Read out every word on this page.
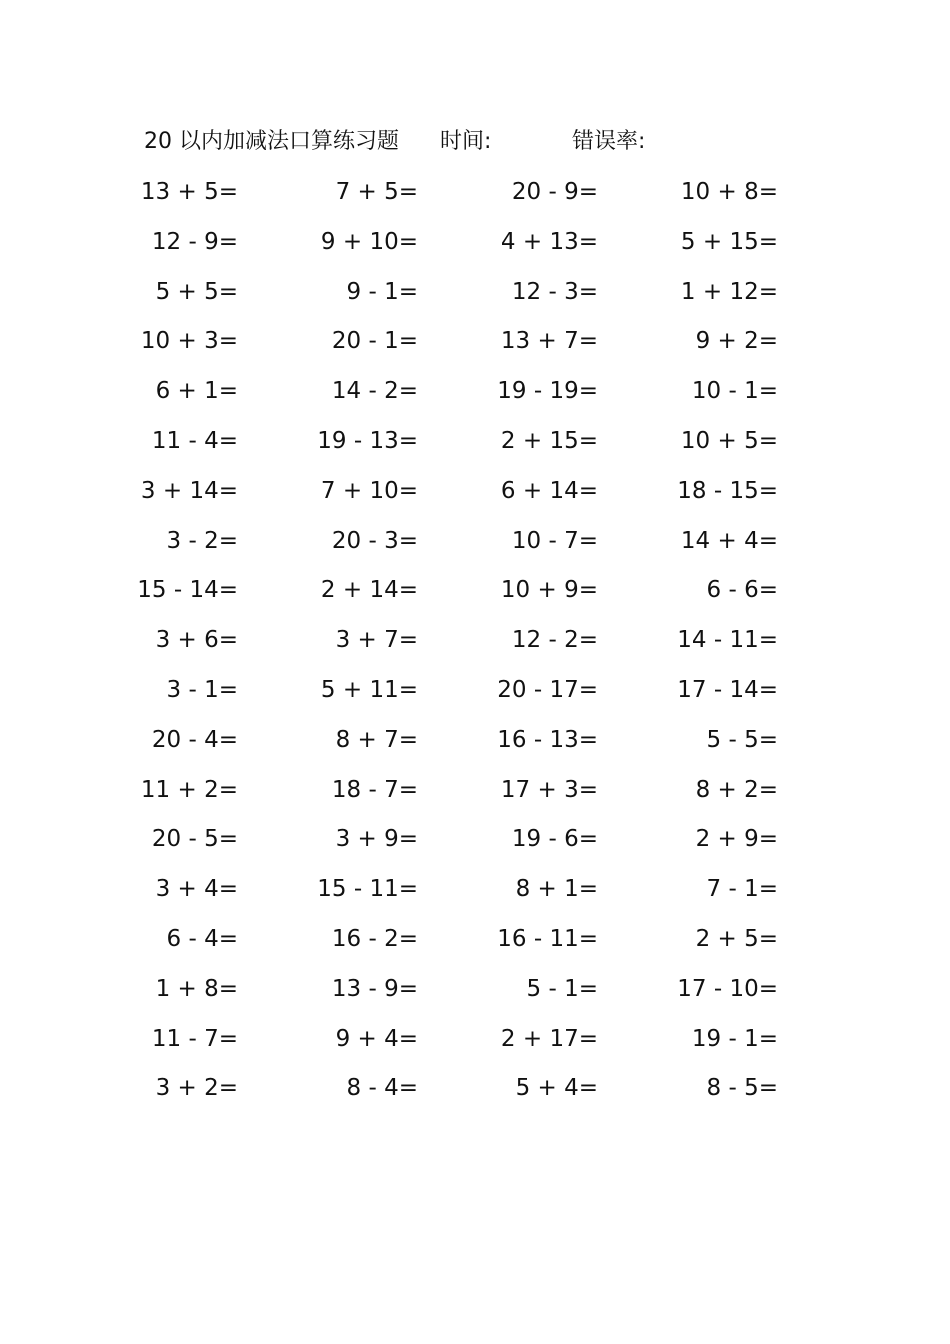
20 以内加减法口算练习题 时间:	错误率:
13 + 5=	7 + 5=	20 - 9=	10 + 8=
12 - 9=	9 + 10=	4 + 13=	5 + 15=
5 + 5=	9 - 1=	12 - 3=	1 + 12=
10 + 3=	20 - 1=	13 + 7=	9 + 2=
6 + 1=	14 - 2=	19 - 19=	10 - 1=
11 - 4=	19 - 13=	2 + 15=	10 + 5=
3 + 14=	7 + 10=	6 + 14=	18 - 15=
3 - 2=	20 - 3=	10 - 7=	14 + 4=
15 - 14=	2 + 14=	10 + 9=	6 - 6=
3 + 6=	3 + 7=	12 - 2=	14 - 11=
3 - 1=	5 + 11=	20 - 17=	17 - 14=
20 - 4=	8 + 7=	16 - 13=	5 - 5=
11 + 2=	18 - 7=	17 + 3=	8 + 2=
20 - 5=	3 + 9=	19 - 6=	2 + 9=
3 + 4=	15 - 11=	8 + 1=	7 - 1=
6 - 4=	16 - 2=	16 - 11=	2 + 5=
1 + 8=	13 - 9=	5 - 1=	17 - 10=
11 - 7=	9 + 4=	2 + 17=	19 - 1=
3 + 2=	8 - 4=	5 + 4=	8 - 5=
